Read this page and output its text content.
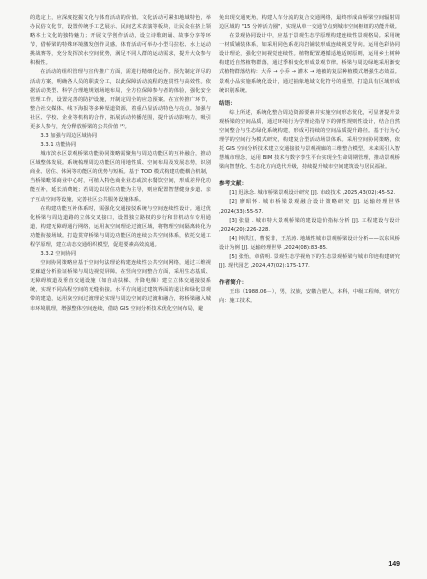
的选定上，应深度挖掘文化与体育活动的价值。文化活动可紧扣地域特色，举办民俗文化节，设置传统手工艺展示、民间艺术表演等板块，让民众在挤上领略本土文化的独特魅力；开展文学创作活动，设立诗歌朗诵、故事分享等环节，借桥梁的特殊环境激发创作灵感。体育活动可举办小型马拉松、水上运动挑战赛等，充分发挥滨水空间优势，满足不同人群的运动需求，提升大众参与积极性。

在活动的组织管理与宣传推广方面，需进行精细化运作。预先制定详尽的活动方案，明确各人员的职责分工，以此保障活动流程的连贯性与高效性。依据活动类型、科学合理地规划场地布局，全方位保障参与者的体验，强化安全管理工作，设置完善的防护设施，开制定周全的应急预案。在宣传推广环节，整合社交媒体、线下海报等多种渠道资源，着重凸显活动特色与亮点。加强与社区、学校、企业等机构的合作，拓展活动传播范围，提升活动影响力，吸引更多人参与，充分释放桥梁的公共价值 ⁽⁴⁾。

3.3 加强与周边区域协同

3.3.1 功能协同

城市滨水区景观桥梁功能协同策略需聚焦与周边功能区的互补融合，推动区域整体发展。系统梳理周边功能区的用地性质、空间布局及发展态势，识别商业、居住、休闲等功能区的优势与短板。基于 TOD 模式构建功能耦合机制，当桥梁毗邻商业中心时，可植入特色商业业态或滨水餐饮空间，形成差异化功能互补，延长消费链；若周边以居住功能为主导，则应配置智慧健身步道、亲子互动空间等设施，完善社区公共服务设施体系。

在构建功能互补体系时，需强化交通接驳系统与空间连续性设计。通过优化桥梁与周边道路的立体交叉接口，设置独立路权的步行和非机动车专用通道，构建无障碍通行网络，运用灰空间理论过渡区域，将物理空间隔离转化为功能衔接场域。打造贯穿桥梁与周边功能区的连续公共空间体系，依托交通工程学原理，建立动态交通组织模型，促进要素高效流通。

3.3.2 空间协同

空间协同策略应基于空间句法理论构建连续性公共空间网络，通过三维视觉廊道分析验证桥梁与周边视觉屏障。在竖向空间整合方面，采用生态基质、无障碍坡道及垂直交通设施（如自动扶梯、升降电梯）建立立体交通接驳系统，实现不同高程空间的无缝衔接。水平方向通过建筑界面的退让和绿化景观带的建造，运用灰空间过渡理论实现与周边空间的过渡和融合，将桥梁融入城市环境肌理，增强整体空间连续，借助 GIS 空间分析技术优化空间布局，避

免出现交通死角，构建人车分流的复合交通网络，最终形成由桥梁空间辐射周边区域的 "15 分钟活力圈"，实现从单一交通节点到城市空间枢纽的功能升级。

在景观协同设计中，应基于景观生态学原理构建连续性景观格局。采用统一材质铺装体系，如采用同色系花岗岩铺装形成连续视觉导向。运用色彩协同设计理论，强化空间视觉连续性。植物配置遵循适地适树原则，运用乡土树种构建近自然植物群落，通过季相变化形成景观节律。桥梁与周边绿地采用渐变式植物群落结构：大乔 → 小乔 → 灌木 → 地被的复层种植模式增强生态效益。景观小品实施系统化设计，通过抽象地域文化符号的重塑，打造具有区域形成统识别系统。

结语：

综上所述，系统化整合周边资源要素并实施空间形态优化，可显著提升景观桥梁的空间品质，通过环境行为学理论指导下的弹性规则性设计，结合自然空间整合与生态绿化系统构建，形成可持续的空间品质提升路径。基于行为心理学的空间行为模式研究，构建复合型活动场景体系。采用空间协同策略，依托 GIS 空间分析技术建立交通接驳与景观视廊的三维整合模型，未来需引入智慧城市理念，运用 BIM 技术与数字孪生平台实现全生命周期管理，推动景观桥梁向智慧化、生态化方向迭代升级，持续提升城市空间建筑设与居民福祉。

参考文献：

[1] 迟泳念. 城市桥梁景观设计研究 [J]. 市政技术 ,2025,43(02):45-52.

[2] 廖昭怀. 城市桥梁景观融合设计策略研究 [J]. 运输经理世界 ,2024(33):55-57.

[3] 张量 . 城市特大景观桥梁的建设造价指标分析 [J]. 工程建设与设计 ,2024(20):226-228.

[4] 钟洪江，曹悦非，王茁涛. 地域性城市景观桥梁设计分析——以东风桥设计为例 [J]. 运输经理世界 ,2024(08):83-85.

[5] 张怡，章倩明. 景观生态学视角下的生态景观桥梁与城市印迹构建研究 [J]. 现代园艺 ,2024,47(02):175-177.

作者简介：

王玮（1988.06－），男，汉族，安徽合肥人，本科，中级工程师，研究方向：施工技术。

149
